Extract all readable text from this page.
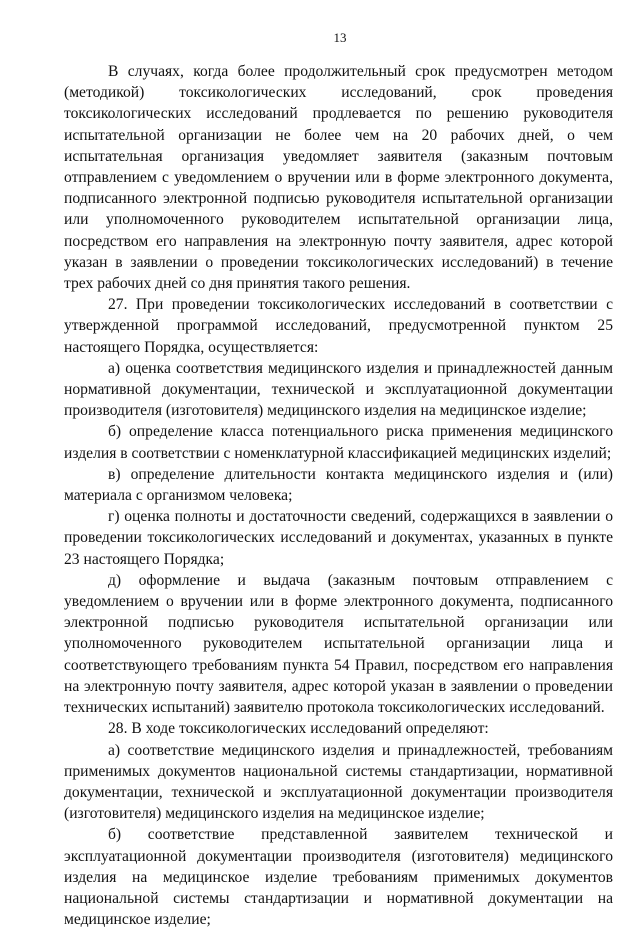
13

В случаях, когда более продолжительный срок предусмотрен методом (методикой) токсикологических исследований, срок проведения токсикологических исследований продлевается по решению руководителя испытательной организации не более чем на 20 рабочих дней, о чем испытательная организация уведомляет заявителя (заказным почтовым отправлением с уведомлением о вручении или в форме электронного документа, подписанного электронной подписью руководителя испытательной организации или уполномоченного руководителем испытательной организации лица, посредством его направления на электронную почту заявителя, адрес которой указан в заявлении о проведении токсикологических исследований) в течение трех рабочих дней со дня принятия такого решения.

27. При проведении токсикологических исследований в соответствии с утвержденной программой исследований, предусмотренной пунктом 25 настоящего Порядка, осуществляется:

а) оценка соответствия медицинского изделия и принадлежностей данным нормативной документации, технической и эксплуатационной документации производителя (изготовителя) медицинского изделия на медицинское изделие;

б) определение класса потенциального риска применения медицинского изделия в соответствии с номенклатурной классификацией медицинских изделий;

в) определение длительности контакта медицинского изделия и (или) материала с организмом человека;

г) оценка полноты и достаточности сведений, содержащихся в заявлении о проведении токсикологических исследований и документах, указанных в пункте 23 настоящего Порядка;

д) оформление и выдача (заказным почтовым отправлением с уведомлением о вручении или в форме электронного документа, подписанного электронной подписью руководителя испытательной организации или уполномоченного руководителем испытательной организации лица и соответствующего требованиям пункта 54 Правил, посредством его направления на электронную почту заявителя, адрес которой указан в заявлении о проведении технических испытаний) заявителю протокола токсикологических исследований.

28. В ходе токсикологических исследований определяют:

а) соответствие медицинского изделия и принадлежностей, требованиям применимых документов национальной системы стандартизации, нормативной документации, технической и эксплуатационной документации производителя (изготовителя) медицинского изделия на медицинское изделие;

б) соответствие представленной заявителем технической и эксплуатационной документации производителя (изготовителя) медицинского изделия на медицинское изделие требованиям применимых документов национальной системы стандартизации и нормативной документации на медицинское изделие;
